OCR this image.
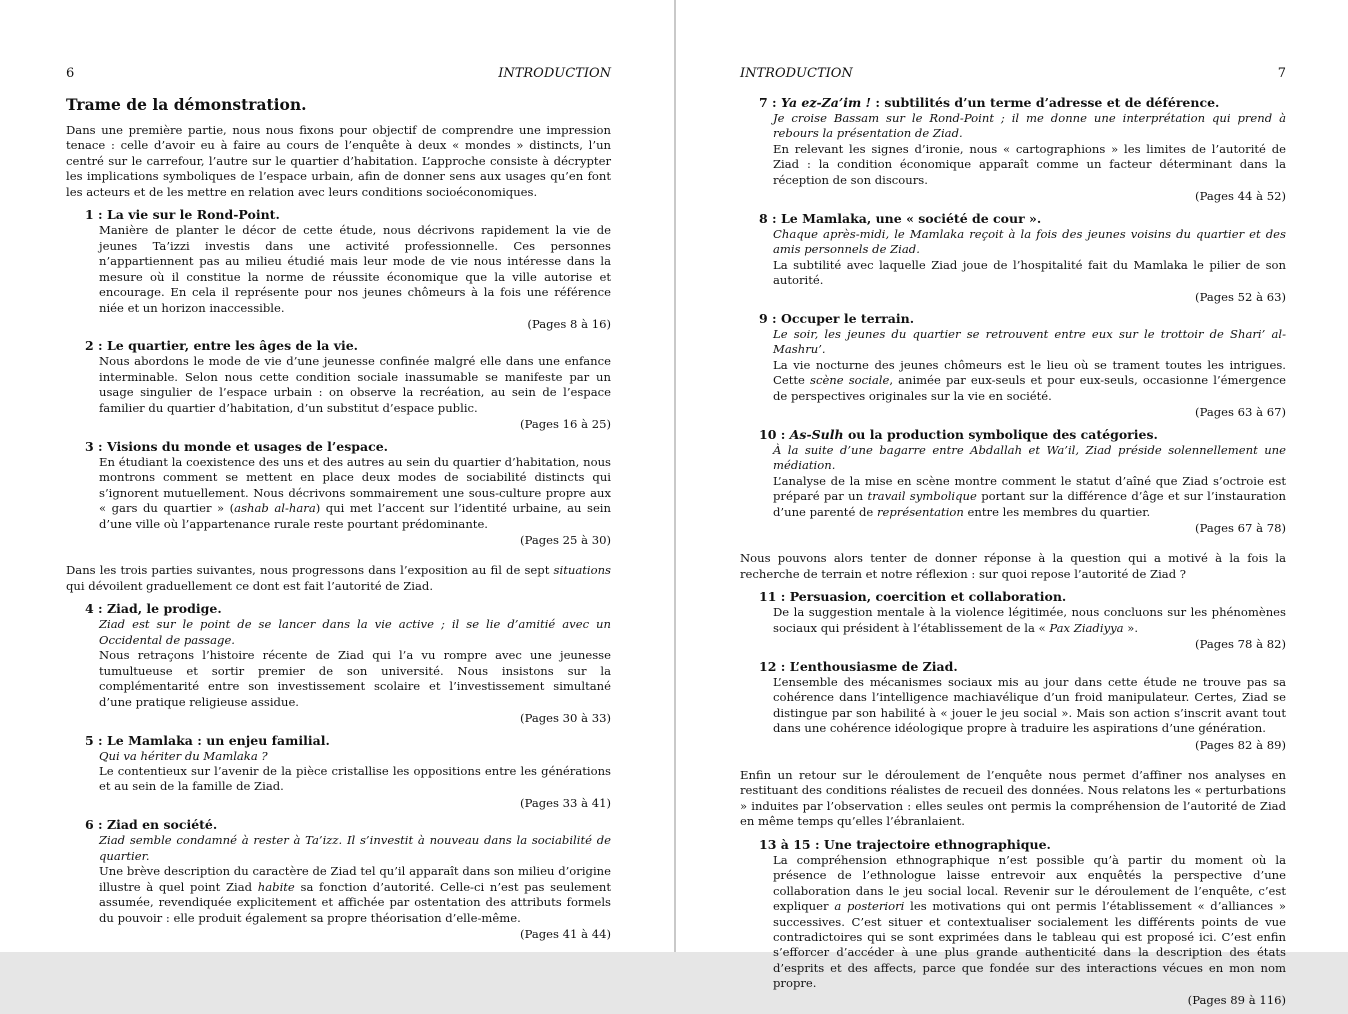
6	INTRODUCTION
Trame de la démonstration.

Dans une première partie, nous nous fixons pour objectif de comprendre une impression tenace : celle d’avoir eu à faire au cours de l’enquête à deux « mondes » distincts, l’un centré sur le carrefour, l’autre sur le quartier d’habitation. L’approche consiste à décrypter les implications symboliques de l’espace urbain, afin de donner sens aux usages qu’en font les acteurs et de les mettre en relation avec leurs conditions socioéconomiques.

1 : La vie sur le Rond-Point.

Manière de planter le décor de cette étude, nous décrivons rapidement la vie de jeunes Ta’izzi investis dans une activité professionnelle. Ces personnes n’appartiennent pas au milieu étudié mais leur mode de vie nous intéresse dans la mesure où il constitue la norme de réussite économique que la ville autorise et encourage. En cela il représente pour nos jeunes chômeurs à la fois une référence niée et un horizon inaccessible.

(Pages 8 à 16)
2 : Le quartier, entre les âges de la vie.

Nous abordons le mode de vie d’une jeunesse confinée malgré elle dans une enfance interminable. Selon nous cette condition sociale inassumable se manifeste par un usage singulier de l’espace urbain : on observe la recréation, au sein de l’espace familier du quartier d’habitation, d’un substitut d’espace public.

(Pages 16 à 25)
3 : Visions du monde et usages de l’espace.

En étudiant la coexistence des uns et des autres au sein du quartier d’habitation, nous montrons comment se mettent en place deux modes de sociabilité distincts qui s’ignorent mutuellement. Nous décrivons sommairement une sous-culture propre aux « gars du quartier » (ashab al-hara) qui met l’accent sur l’identité urbaine, au sein d’une ville où l’appartenance rurale reste pourtant prédominante.

(Pages 25 à 30)

Dans les trois parties suivantes, nous progressons dans l’exposition au fil de sept situations qui dévoilent graduellement ce dont est fait l’autorité de Ziad.

4 : Ziad, le prodige.

Ziad est sur le point de se lancer dans la vie active ; il se lie d’amitié avec un Occidental de passage.

Nous retraçons l’histoire récente de Ziad qui l’a vu rompre avec une jeunesse tumultueuse et sortir premier de son université. Nous insistons sur la complémentarité entre son investissement scolaire et l’investissement simultané d’une pratique religieuse assidue.

(Pages 30 à 33)
5 : Le Mamlaka : un enjeu familial.

Qui va hériter du Mamlaka ?

Le contentieux sur l’avenir de la pièce cristallise les oppositions entre les générations et au sein de la famille de Ziad.

(Pages 33 à 41)
6 : Ziad en société.

Ziad semble condamné à rester à Ta’izz. Il s’investit à nouveau dans la sociabilité de quartier.

Une brève description du caractère de Ziad tel qu’il apparaît dans son milieu d’origine illustre à quel point Ziad habite sa fonction d’autorité. Celle-ci n’est pas seulement assumée, revendiquée explicitement et affichée par ostentation des attributs formels du pouvoir : elle produit également sa propre théorisation d’elle-même.

(Pages 41 à 44)
INTRODUCTION	7
7 : Ya ez-Za’im ! : subtilités d’un terme d’adresse et de déférence.

Je croise Bassam sur le Rond-Point ; il me donne une interprétation qui prend à rebours la présentation de Ziad.

En relevant les signes d’ironie, nous « cartographions » les limites de l’autorité de Ziad : la condition économique apparaît comme un facteur déterminant dans la réception de son discours.

(Pages 44 à 52)
8 : Le Mamlaka, une « société de cour ».

Chaque après-midi, le Mamlaka reçoit à la fois des jeunes voisins du quartier et des amis personnels de Ziad.

La subtilité avec laquelle Ziad joue de l’hospitalité fait du Mamlaka le pilier de son autorité.

(Pages 52 à 63)
9 : Occuper le terrain.

Le soir, les jeunes du quartier se retrouvent entre eux sur le trottoir de Shari’ al-Mashru’.

La vie nocturne des jeunes chômeurs est le lieu où se trament toutes les intrigues. Cette scène sociale, animée par eux-seuls et pour eux-seuls, occasionne l’émergence de perspectives originales sur la vie en société.

(Pages 63 à 67)
10 : As-Sulh ou la production symbolique des catégories.

À la suite d’une bagarre entre Abdallah et Wa’il, Ziad préside solennellement une médiation.

L’analyse de la mise en scène montre comment le statut d’aîné que Ziad s’octroie est préparé par un travail symbolique portant sur la différence d’âge et sur l’instauration d’une parenté de représentation entre les membres du quartier.

(Pages 67 à 78)

Nous pouvons alors tenter de donner réponse à la question qui a motivé à la fois la recherche de terrain et notre réflexion : sur quoi repose l’autorité de Ziad ?

11 : Persuasion, coercition et collaboration.

De la suggestion mentale à la violence légitimée, nous concluons sur les phénomènes sociaux qui président à l’établissement de la « Pax Ziadiyya ».

(Pages 78 à 82)
12 : L’enthousiasme de Ziad.

L’ensemble des mécanismes sociaux mis au jour dans cette étude ne trouve pas sa cohérence dans l’intelligence machiavélique d’un froid manipulateur. Certes, Ziad se distingue par son habilité à « jouer le jeu social ». Mais son action s’inscrit avant tout dans une cohérence idéologique propre à traduire les aspirations d’une génération.

(Pages 82 à 89)

Enfin un retour sur le déroulement de l’enquête nous permet d’affiner nos analyses en restituant des conditions réalistes de recueil des données. Nous relatons les « perturbations » induites par l’observation : elles seules ont permis la compréhension de l’autorité de Ziad en même temps qu’elles l’ébranlaient.

13 à 15 : Une trajectoire ethnographique.

La compréhension ethnographique n’est possible qu’à partir du moment où la présence de l’ethnologue laisse entrevoir aux enquêtés la perspective d’une collaboration dans le jeu social local. Revenir sur le déroulement de l’enquête, c’est expliquer a posteriori les motivations qui ont permis l’établissement « d’alliances » successives. C’est situer et contextualiser socialement les différents points de vue contradictoires qui se sont exprimées dans le tableau qui est proposé ici. C’est enfin s’efforcer d’accéder à une plus grande authenticité dans la description des états d’esprits et des affects, parce que fondée sur des interactions vécues en mon nom propre.

(Pages 89 à 116)
